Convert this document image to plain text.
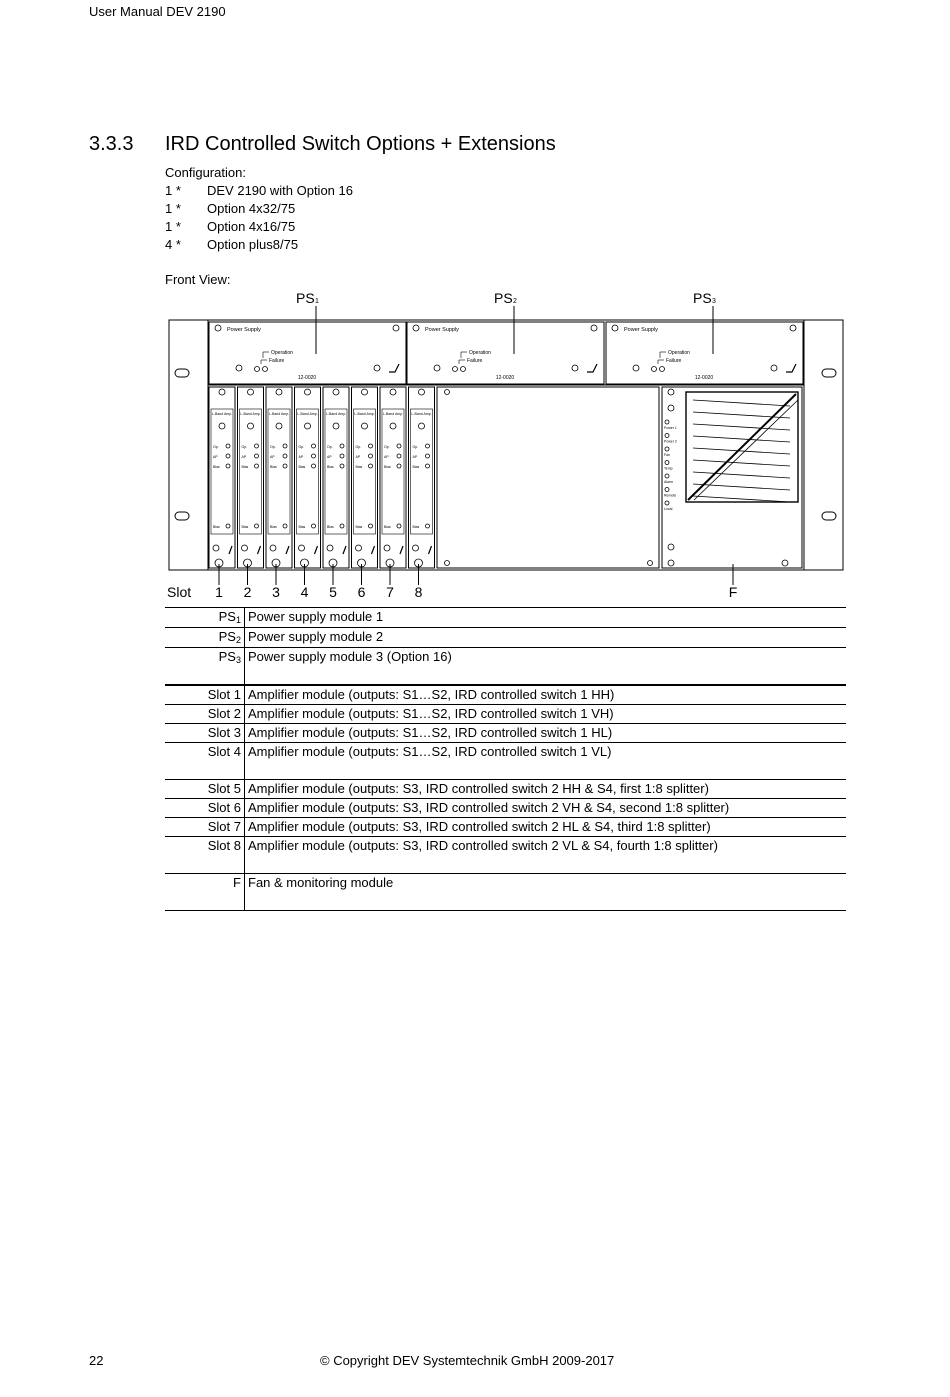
User Manual DEV 2190
3.3.3 IRD Controlled Switch Options + Extensions
Configuration:
1 * DEV 2190 with Option 16
1 * Option 4x32/75
1 * Option 4x16/75
4 * Option plus8/75
Front View:
Power Supply
Operation
Failure
12-0020
PS 1
Power Supply
Operation
Failure
12-0020
PS 2
Power Supply
Operation
Failure
12-0020
PS 3
L-Band Amp.
Op.
AP
Bias
Bias
1
L-Band Amp.
Op.
AP
Bias
Bias
2
L-Band Amp.
Op.
AP
Bias
Bias
3
L-Band Amp.
Op.
AP
Bias
Bias
4
L-Band Amp.
Op.
AP
Bias
Bias
5
L-Band Amp.
Op.
AP
Bias
Bias
6
L-Band Amp.
Op.
AP
Bias
Bias
7
L-Band Amp.
Op.
AP
Bias
Bias
8
Slot
Power 1
Power 2
Fan
Temp
Alarm
Remote
Local
F
$PS_1$	Power supply module 1
$PS_2$	Power supply module 2
$PS_3$	Power supply module 3 (Option 16)
Slot 1	Amplifier module (outputs: S1…S2, IRD controlled switch 1 HH)
Slot 2	Amplifier module (outputs: S1…S2, IRD controlled switch 1 VH)
Slot 3	Amplifier module (outputs: S1…S2, IRD controlled switch 1 HL)
Slot 4	Amplifier module (outputs: S1…S2, IRD controlled switch 1 VL)
Slot 5	Amplifier module (outputs: S3, IRD controlled switch 2 HH & S4, first 1:8 splitter)
Slot 6	Amplifier module (outputs: S3, IRD controlled switch 2 VH & S4, second 1:8 splitter)
Slot 7	Amplifier module (outputs: S3, IRD controlled switch 2 HL & S4, third 1:8 splitter)
Slot 8	Amplifier module (outputs: S3, IRD controlled switch 2 VL & S4, fourth 1:8 splitter)
F	Fan & monitoring module
22	© Copyright DEV Systemtechnik GmbH 2009-2017
